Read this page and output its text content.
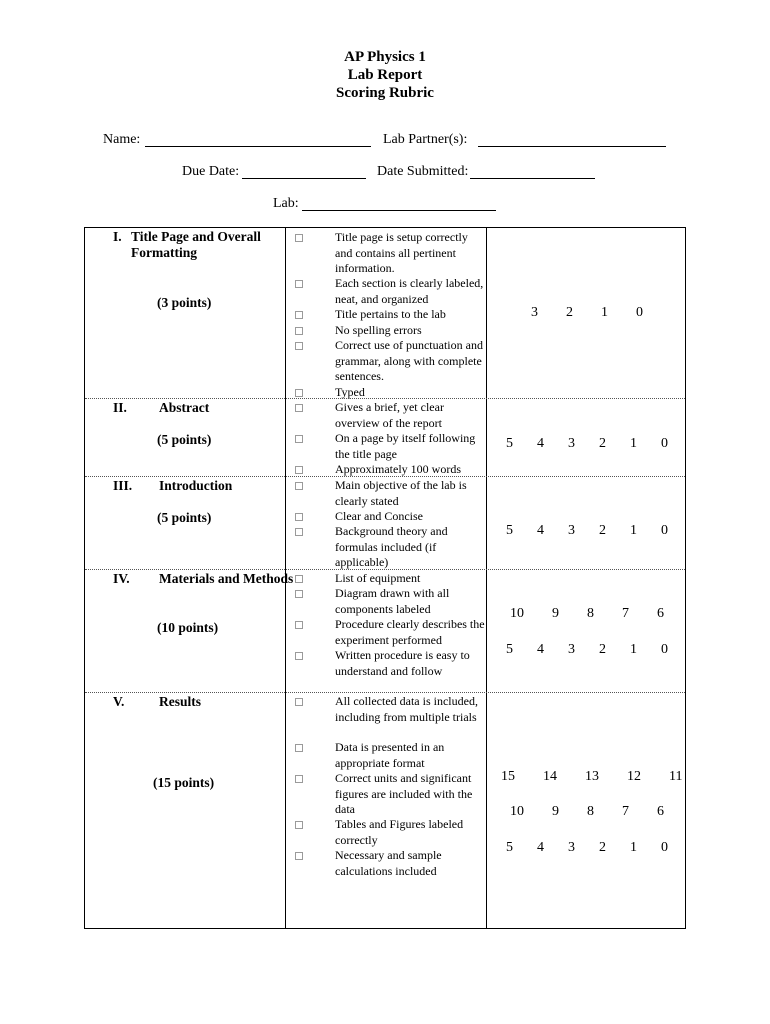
AP Physics 1
Lab Report
Scoring Rubric
Name:	Lab Partner(s):
Due Date:	Date Submitted:
Lab:
I. Title Page and Overall Formatting
(3 points)
Title page is setup correctly and contains all pertinent information.
Each section is clearly labeled, neat, and organized
Title pertains to the lab
No spelling errors
Correct use of punctuation and grammar, along with complete sentences.
Typed
3 2 1 0
II. Abstract
(5 points)
Gives a brief, yet clear overview of the report
On a page by itself following the title page
Approximately 100 words
5 4 3 2 1 0
III. Introduction
(5 points)
Main objective of the lab is clearly stated
Clear and Concise
Background theory and formulas included (if applicable)
5 4 3 2 1 0
IV. Materials and Methods
(10 points)
List of equipment
Diagram drawn with all components labeled
Procedure clearly describes the experiment performed
Written procedure is easy to understand and follow
10 9 8 7 6
5 4 3 2 1 0
V.	Results
(15 points)
All collected data is included, including from multiple trials
Data is presented in an appropriate format
Correct units and significant figures are included with the data
Tables and Figures labeled correctly
Necessary and sample calculations included
15 14 13 12 11
10 9 8 7 6
5 4 3 2 1 0
